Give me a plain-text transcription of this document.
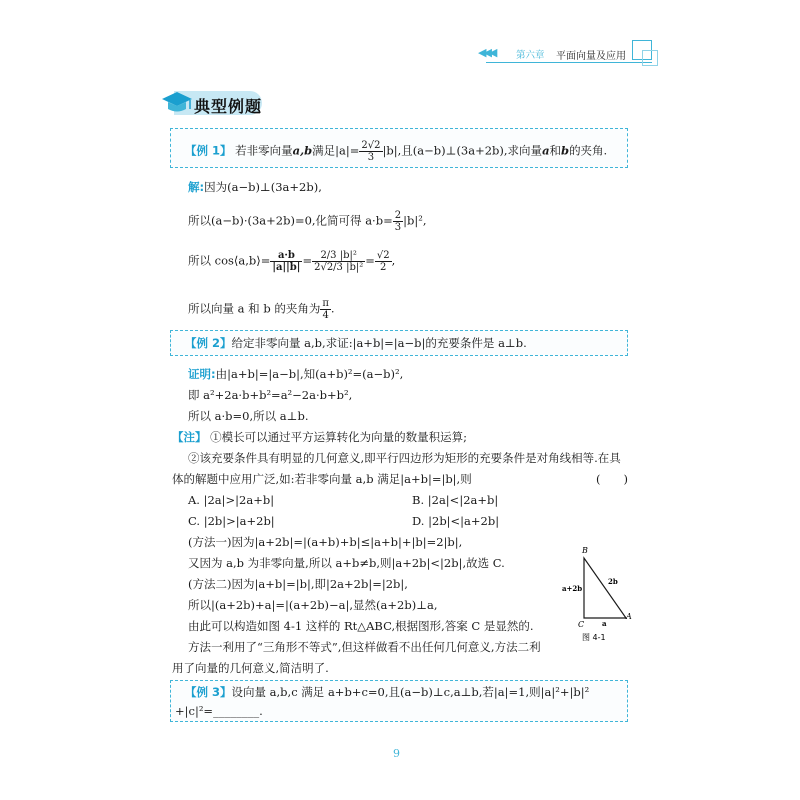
◀◀◀ 第六章 平面向量及应用
典型例题
【例 1】 若非零向量a,b满足$|a|= \frac{2√2}{3} |b|$,且(a−b)⊥(3a+2b),求向量a和b的夹角.
解:因为(a−b)⊥(3a+2b),
所以(a−b)·(3a+2b)=0,化简可得 $a\cdot b= \frac{2}{3} |b|^2$,
所以 cos⟨a,b⟩= $\frac{a\cdot b}{|a||b|} = \frac{\text{2/3 |b|²}}{\text{2√2/3 |b|²}} = \frac{√2}{2}$ ,
所以向量 a 和 b 的夹角为 $\frac{\pi}{4}$ .
【例 2】给定非零向量 a,b,求证:|a+b|=|a−b|的充要条件是 a⊥b.
证明:由|a+b|=|a−b|,知(a+b)²=(a−b)²,
即 a²+2a·b+b²=a²−2a·b+b²,
所以 a·b=0,所以 a⊥b.
【注】 ①模长可以通过平方运算转化为向量的数量积运算;
②该充要条件具有明显的几何意义,即平行四边形为矩形的充要条件是对角线相等.在具
体的解题中应用广泛,如:若非零向量 a,b 满足|a+b|=|b|,则	(　　)
A. |2a|>|2a+b|	B. |2a|<|2a+b|
C. |2b|>|a+2b|	D. |2b|<|a+2b|
(方法一)因为|a+2b|=|(a+b)+b|≤|a+b|+|b|=2|b|,
又因为 a,b 为非零向量,所以 a+b≠b,则|a+2b|<|2b|,故选 C.
(方法二)因为|a+b|=|b|,即|2a+2b|=|2b|,
所以|(a+2b)+a|=|(a+2b)−a|,显然(a+2b)⊥a,
由此可以构造如图 4-1 这样的 Rt△ABC,根据图形,答案 C 是显然的.
方法一利用了“三角形不等式”,但这样做看不出任何几何意义,方法二利
用了向量的几何意义,简洁明了.
B
C
A
a+2b
2b
a
图 4-1
【例 3】设向量 a,b,c 满足 a+b+c=0,且(a−b)⊥c,a⊥b,若|a|=1,则|a|²+|b|²
+|c|²=________.
9
